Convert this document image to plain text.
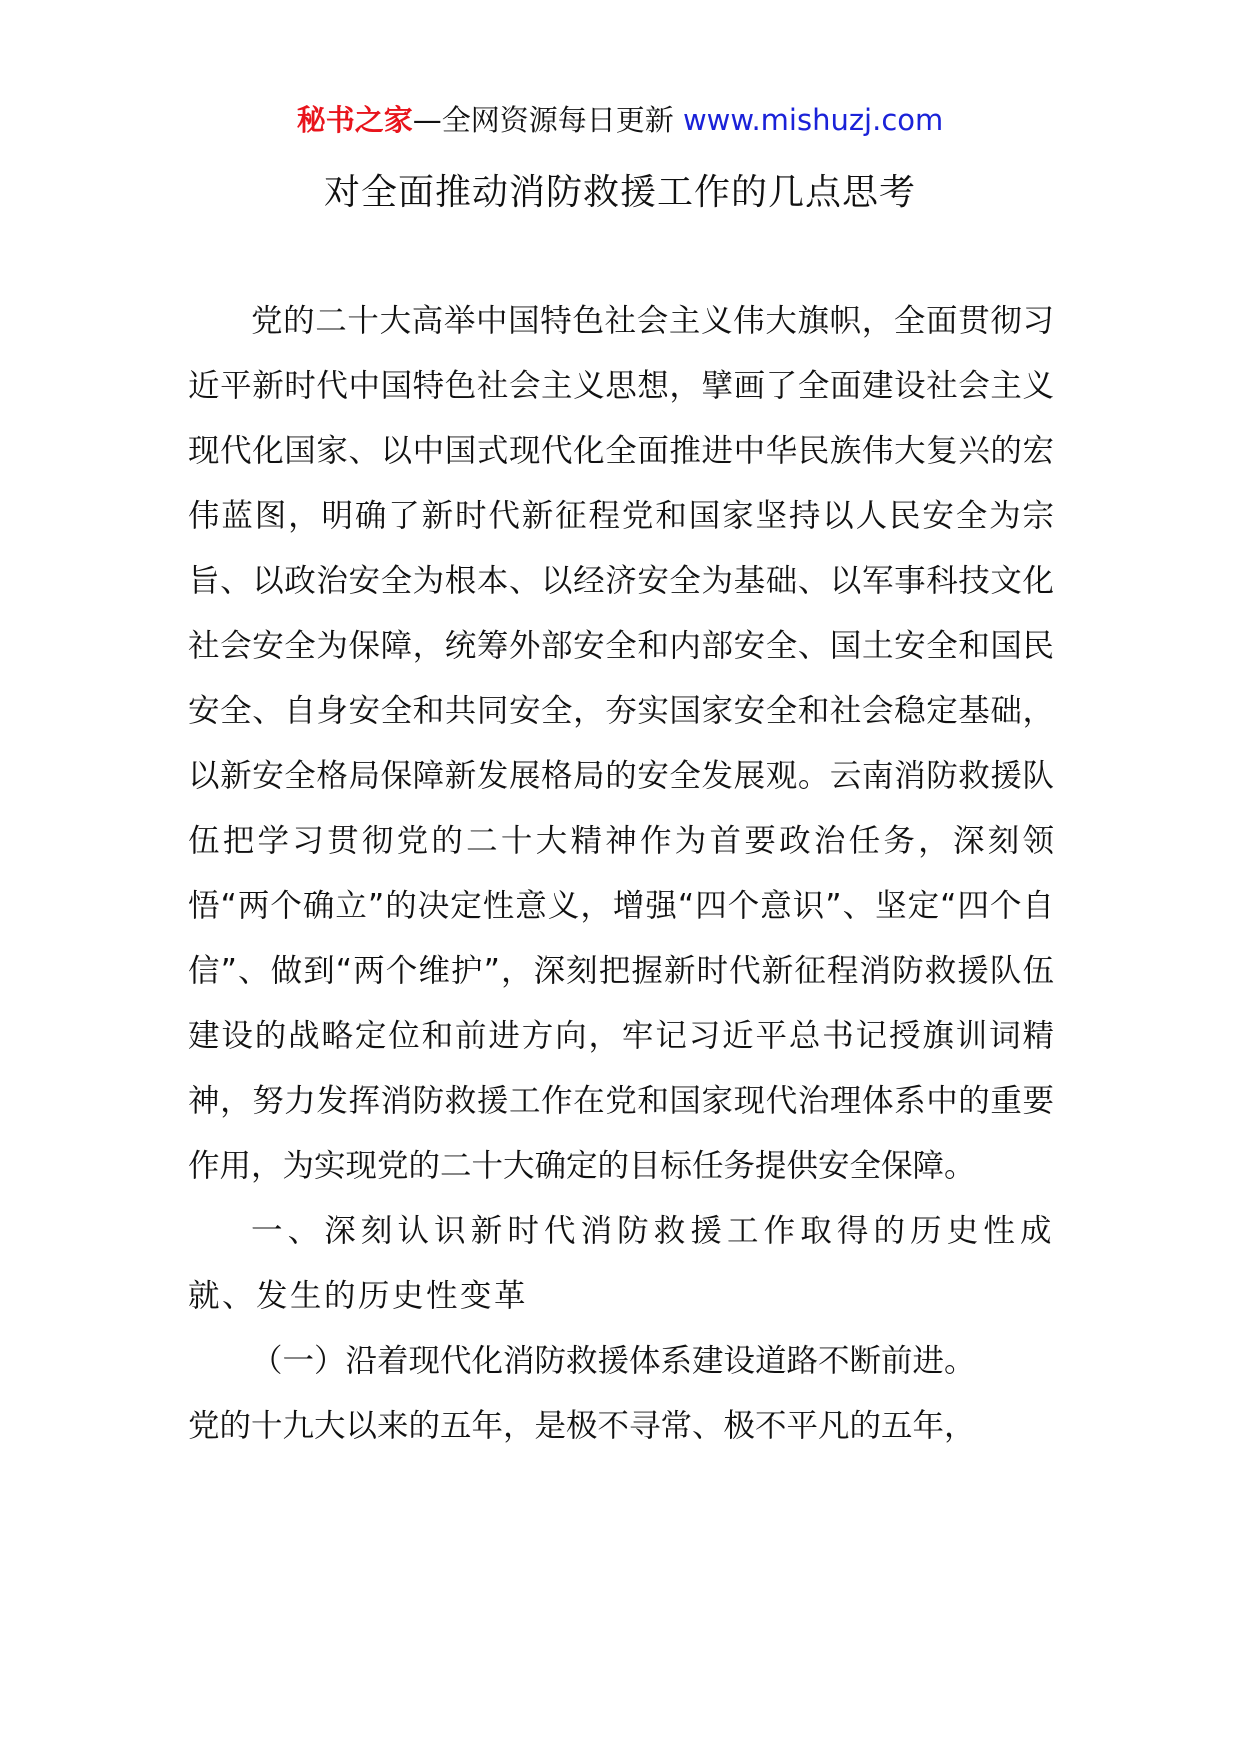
秘书之家—全网资源每日更新 www.mishuzj.com
对全面推动消防救援工作的几点思考

党的二十大高举中国特色社会主义伟大旗帜，全面贯彻习近平新时代中国特色社会主义思想，擘画了全面建设社会主义现代化国家、以中国式现代化全面推进中华民族伟大复兴的宏伟蓝图，明确了新时代新征程党和国家坚持以人民安全为宗旨、以政治安全为根本、以经济安全为基础、以军事科技文化社会安全为保障，统筹外部安全和内部安全、国土安全和国民安全、自身安全和共同安全，夯实国家安全和社会稳定基础，以新安全格局保障新发展格局的安全发展观。云南消防救援队伍把学习贯彻党的二十大精神作为首要政治任务，深刻领悟“两个确立”的决定性意义，增强“四个意识”、坚定“四个自信”、做到“两个维护”，深刻把握新时代新征程消防救援队伍建设的战略定位和前进方向，牢记习近平总书记授旗训词精神，努力发挥消防救援工作在党和国家现代治理体系中的重要作用，为实现党的二十大确定的目标任务提供安全保障。

一、深刻认识新时代消防救援工作取得的历史性成就、发生的历史性变革

（一）沿着现代化消防救援体系建设道路不断前进。

党的十九大以来的五年，是极不寻常、极不平凡的五年，
